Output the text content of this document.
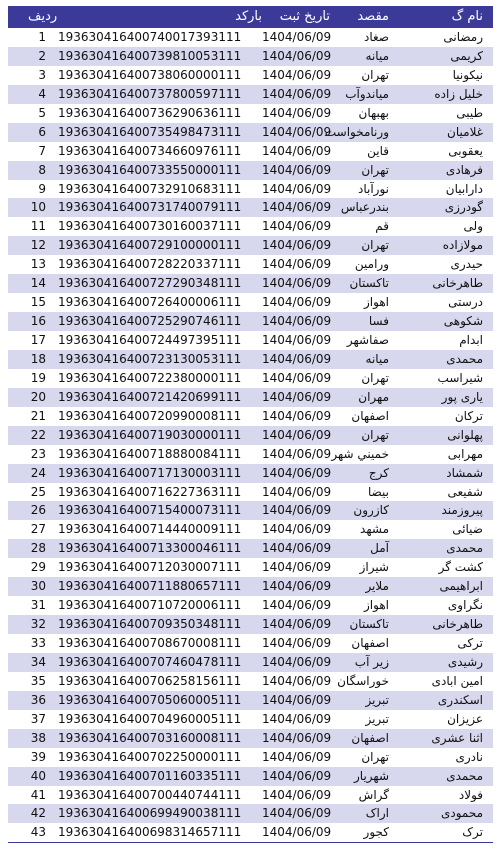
نام گ
مقصد
تاریخ ثبت
بارکد
ردیف
رمضانی
صغاد
1404/06/09
193630416400740017393111
1
کریمی
میانه
1404/06/09
193630416400739810053111
2
نیکونیا
تهران
1404/06/09
193630416400738060000111
3
خلیل زاده
میاندوآب
1404/06/09
193630416400737800597111
4
طیبی
بهبهان
1404/06/09
193630416400736290636111
5
غلامیان
ورنامخواست
1404/06/09
193630416400735498473111
6
یعقوبی
قاین
1404/06/09
193630416400734660976111
7
فرهادی
تهران
1404/06/09
193630416400733550000111
8
دارابیان
نورآباد
1404/06/09
193630416400732910683111
9
گودرزی
بندرعباس
1404/06/09
193630416400731740079111
10
ولی
قم
1404/06/09
193630416400730160037111
11
مولازاده
تهران
1404/06/09
193630416400729100000111
12
حیدری
ورامین
1404/06/09
193630416400728220337111
13
طاهرخانی
تاکستان
1404/06/09
193630416400727290348111
14
درستی
اهواز
1404/06/09
193630416400726400006111
15
شکوهی
فسا
1404/06/09
193630416400725290746111
16
ابدام
صفاشهر
1404/06/09
193630416400724497395111
17
محمدی
میانه
1404/06/09
193630416400723130053111
18
شیراسب
تهران
1404/06/09
193630416400722380000111
19
یاری پور
مهران
1404/06/09
193630416400721420699111
20
ترکان
اصفهان
1404/06/09
193630416400720990008111
21
پهلوانی
تهران
1404/06/09
193630416400719030000111
22
مهرابی
خميني شهر
1404/06/09
193630416400718880084111
23
شمشاد
کرج
1404/06/09
193630416400717130003111
24
شفیعی
بیضا
1404/06/09
193630416400716227363111
25
پیروزمند
کازرون
1404/06/09
193630416400715400073111
26
ضیائی
مشهد
1404/06/09
193630416400714440009111
27
محمدی
آمل
1404/06/09
193630416400713300046111
28
کشت گر
شیراز
1404/06/09
193630416400712030007111
29
ابراهیمی
ملایر
1404/06/09
193630416400711880657111
30
نگراوی
اهواز
1404/06/09
193630416400710720006111
31
طاهرخانی
تاکستان
1404/06/09
193630416400709350348111
32
ترکی
اصفهان
1404/06/09
193630416400708670008111
33
رشیدی
زیر آب
1404/06/09
193630416400707460478111
34
امین ابادی
خوراسگان
1404/06/09
193630416400706258156111
35
اسکندری
تبریز
1404/06/09
193630416400705060005111
36
عزیزان
تبریز
1404/06/09
193630416400704960005111
37
اثنا عشری
اصفهان
1404/06/09
193630416400703160008111
38
نادری
تهران
1404/06/09
193630416400702250000111
39
محمدی
شهریار
1404/06/09
193630416400701160335111
40
فولاد
گراش
1404/06/09
193630416400700440744111
41
محمودی
اراک
1404/06/09
193630416400699490038111
42
ترک
کجور
1404/06/09
193630416400698314657111
43
